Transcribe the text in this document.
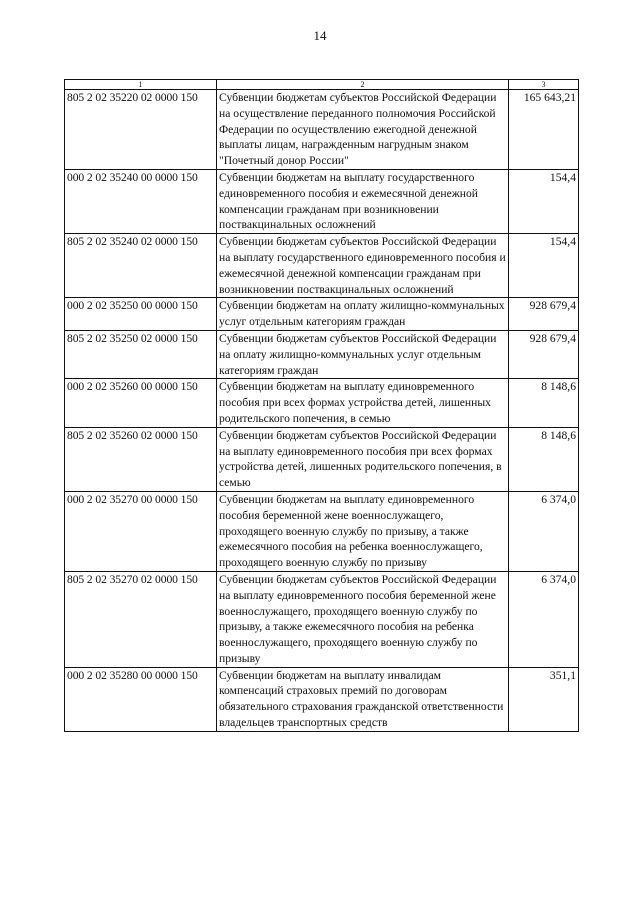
14
1	2	3
805 2 02 35220 02 0000 150	Субвенции бюджетам субъектов Российской Федерации на осуществление переданного полномочия Российской Федерации по осуществлению ежегодной денежной выплаты лицам, награжденным нагрудным знаком "Почетный донор России"	165 643,21
000 2 02 35240 00 0000 150	Субвенции бюджетам на выплату государственного единовременного пособия и ежемесячной денежной компенсации гражданам при возникновении поствакцинальных осложнений	154,4
805 2 02 35240 02 0000 150	Субвенции бюджетам субъектов Российской Федерации на выплату государственного единовременного пособия и ежемесячной денежной компенсации гражданам при возникновении поствакцинальных осложнений	154,4
000 2 02 35250 00 0000 150	Субвенции бюджетам на оплату жилищно-коммунальных услуг отдельным категориям граждан	928 679,4
805 2 02 35250 02 0000 150	Субвенции бюджетам субъектов Российской Федерации на оплату жилищно-коммунальных услуг отдельным категориям граждан	928 679,4
000 2 02 35260 00 0000 150	Субвенции бюджетам на выплату единовременного пособия при всех формах устройства детей, лишенных родительского попечения, в семью	8 148,6
805 2 02 35260 02 0000 150	Субвенции бюджетам субъектов Российской Федерации на выплату единовременного пособия при всех формах устройства детей, лишенных родительского попечения, в семью	8 148,6
000 2 02 35270 00 0000 150	Субвенции бюджетам на выплату единовременного пособия беременной жене военнослужащего, проходящего военную службу по призыву, а также ежемесячного пособия на ребенка военнослужащего, проходящего военную службу по призыву	6 374,0
805 2 02 35270 02 0000 150	Субвенции бюджетам субъектов Российской Федерации на выплату единовременного пособия беременной жене военнослужащего, проходящего военную службу по призыву, а также ежемесячного пособия на ребенка военнослужащего, проходящего военную службу по призыву	6 374,0
000 2 02 35280 00 0000 150	Субвенции бюджетам на выплату инвалидам компенсаций страховых премий по договорам обязательного страхования гражданской ответственности владельцев транспортных средств	351,1
